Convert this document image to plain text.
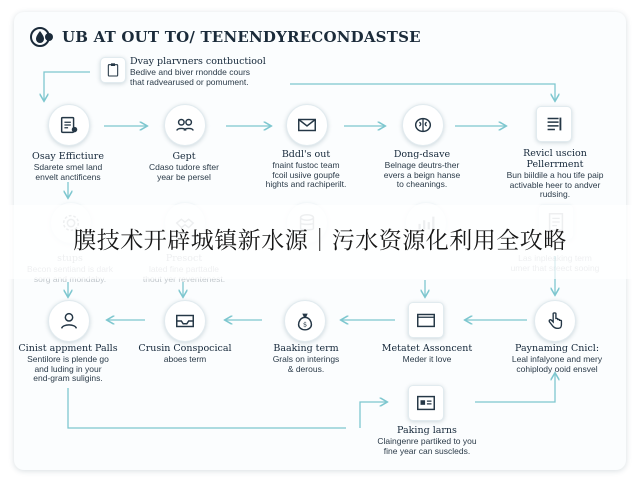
UB AT OUT TO/ TENENDYRECONDASTSE
Dvay plarvners contbuctiool
Bedive and biver rnondde cours
that radvearused or pomument.
Osay Effictiure
Sdarete smel land
envelt anctificens
Gept
Cdaso tudore sfter
year be persel
Bddl's out
fnaint fustoc team
fcoil usiive goupfe
hights and rachiperilt.
Dong-dsave
Belnage deutrs-ther
evers a beign hanse
to cheanings.
Revicl uscion
Pellerrment
Bun biildile a hou tife paip
activable heer to andver rudsing.
膜技术开辟城镇新水源｜污水资源化利用全攻略
Cinist appment Palls
Sentilore is plende go
and luding in your
end-gram suligins.
Crusin Conspocical
aboes term
$
Baaking term
Grals on interings
& derous.
Metatet Assoncent
Meder it love
Paynaming Cnicl:
Leal infalyone and mery
cohiplody ooid ensvel
Paking larns
Claingenre partiked to you
fine year can suscleds.
